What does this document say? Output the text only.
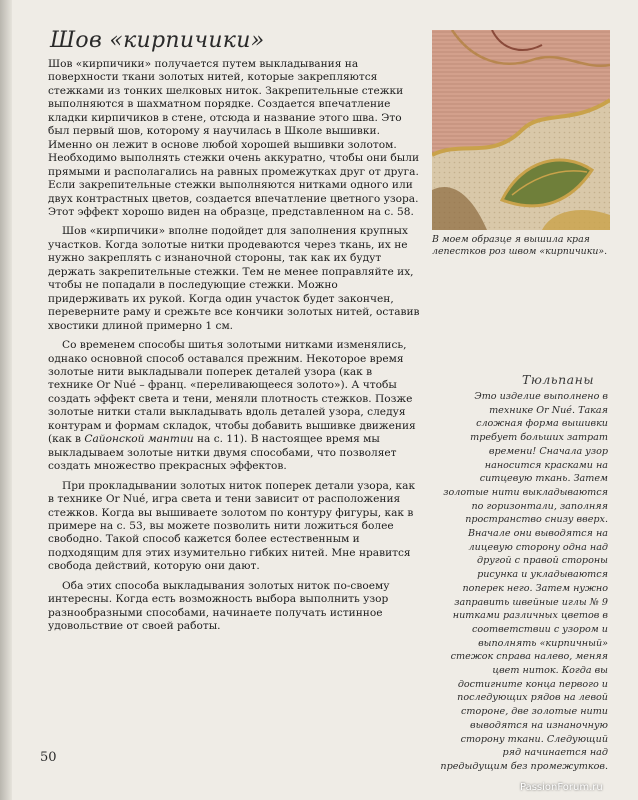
Шов «кирпичики»

Шов «кирпичики» получается путем выкладывания на поверхности ткани золотых нитей, которые закрепляются стежками из тонких шелковых ниток. Закрепительные стежки выполняются в шахматном порядке. Создается впечатление кладки кирпичиков в стене, отсюда и название этого шва. Это был первый шов, которому я научилась в Школе вышивки. Именно он лежит в основе любой хорошей вышивки золотом. Необходимо выполнять стежки очень аккуратно, чтобы они были прямыми и располагались на равных промежутках друг от друга. Если закрепительные стежки выполняются нитками одного или двух контрастных цветов, создается впечатление цветного узора. Этот эффект хорошо виден на образце, представленном на с. 58.

Шов «кирпичики» вполне подойдет для заполнения крупных участков. Когда золотые нитки продеваются через ткань, их не нужно закреплять с изнаночной стороны, так как их будут держать закрепительные стежки. Тем не менее поправляйте их, чтобы не попадали в последующие стежки. Можно придерживать их рукой. Когда один участок будет закончен, переверните раму и срежьте все кончики золотых нитей, оставив хвостики длиной примерно 1 см.

Со временем способы шитья золотыми нитками изменялись, однако основной способ оставался прежним. Некоторое время золотые нити выкладывали поперек деталей узора (как в технике Or Nué – франц. «переливающееся золото»). А чтобы создать эффект света и тени, меняли плотность стежков. Позже золотые нитки стали выкладывать вдоль деталей узора, следуя контурам и формам складок, чтобы добавить вышивке движения (как в Сайонской мантии на с. 11). В настоящее время мы выкладываем золотые нитки двумя способами, что позволяет создать множество прекрасных эффектов.

При прокладывании золотых ниток поперек детали узора, как в технике Or Nué, игра света и тени зависит от расположения стежков. Когда вы вышиваете золотом по контуру фигуры, как в примере на с. 53, вы можете позволить нити ложиться более свободно. Такой способ кажется более естественным и подходящим для этих изумительно гибких нитей. Мне нравится свобода действий, которую они дают.

Оба этих способа выкладывания золотых ниток по-своему интересны. Когда есть возможность выбора выполнить узор разнообразными способами, начинаете получать истинное удовольствие от своей работы.

В моем образце я вышила края лепестков роз швом «кирпичики».
Тюльпаны
Это изделие выполнено в технике Or Nué. Такая сложная форма вышивки требует больших затрат времени! Сначала узор наносится красками на ситцевую ткань. Затем золотые нити выкладываются по горизонтали, заполняя пространство снизу вверх. Вначале они выводятся на лицевую сторону одна над другой с правой стороны рисунка и укладываются поперек него. Затем нужно заправить швейные иглы № 9 нитками различных цветов в соответствии с узором и выполнять «кирпичный» стежок справа налево, меняя цвет ниток. Когда вы достигните конца первого и последующих рядов на левой стороне, две золотые нити выводятся на изнаночную сторону ткани. Следующий ряд начинается над предыдущим без промежутков.
50
PassionForum.ru
